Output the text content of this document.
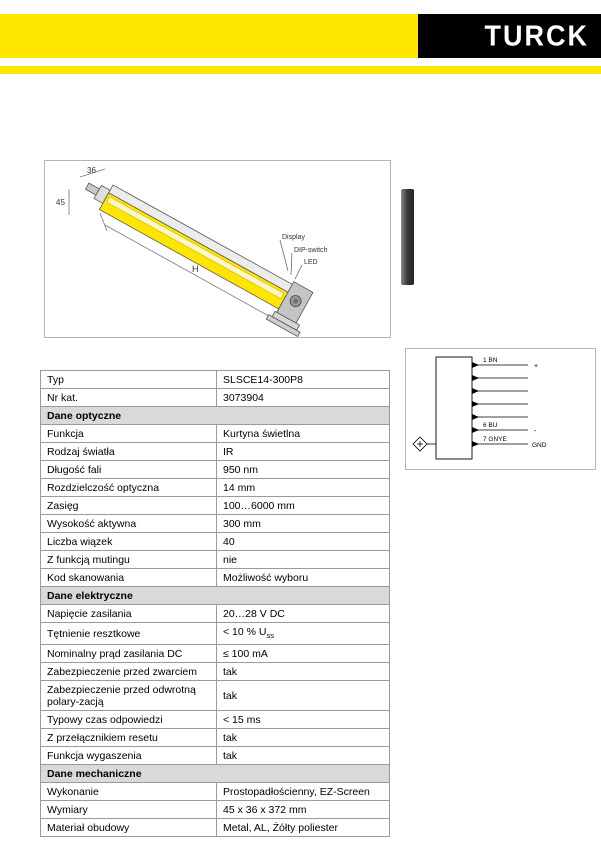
TURCK
36
45
H
Display
DIP-switch
LED
1 BN
+
6 BU
-
7 GNYE
GND
Typ	SLSCE14-300P8
Nr kat.	3073904
Dane optyczne	
Funkcja	Kurtyna świetlna
Rodzaj światła	IR
Długość fali	950 nm
Rozdzielczość optyczna	14 mm
Zasięg	100…6000 mm
Wysokość aktywna	300 mm
Liczba wiązek	40
Z funkcją mutingu	nie
Kod skanowania	Możliwość wyboru
Dane elektryczne	
Napięcie zasilania	20…28 V DC
Tętnienie resztkowe	< 10 % $U_{ss}$
Nominalny prąd zasilania DC	≤ 100 mA
Zabezpieczenie przed zwarciem	tak
Zabezpieczenie przed odwrotną polary-zacją	tak
Typowy czas odpowiedzi	< 15 ms
Z przełącznikiem resetu	tak
Funkcja wygaszenia	tak
Dane mechaniczne	
Wykonanie	Prostopadłościenny, EZ-Screen
Wymiary	45 x 36 x 372 mm
Materiał obudowy	Metal, AL, Żółty poliester
